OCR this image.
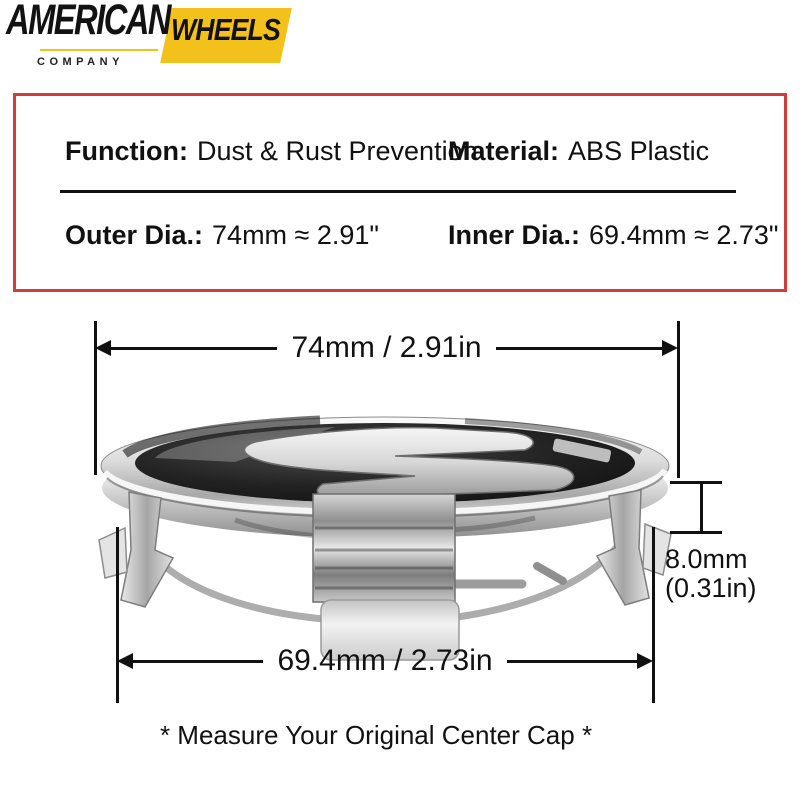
AMERICAN WHEELS
COMPANY
Function: Dust & Rust Prevention
Material: ABS Plastic
Outer Dia.: 74mm ≈ 2.91"	Inner Dia.: 69.4mm ≈ 2.73"
74mm / 2.91in
69.4mm / 2.73in
8.0mm
(0.31in)
* Measure Your Original Center Cap *
